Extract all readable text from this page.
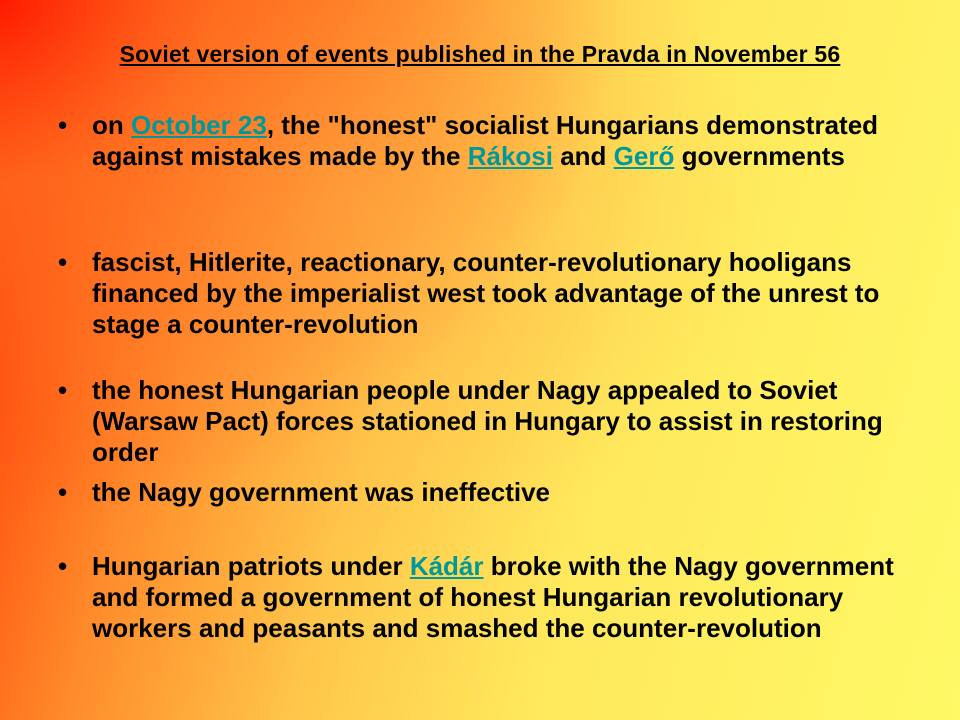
Soviet version of events published in the Pravda in November 56
• on October 23, the "honest" socialist Hungarians demonstrated against mistakes made by the Rákosi and Gerő governments
• fascist, Hitlerite, reactionary, counter-revolutionary hooligans financed by the imperialist west took advantage of the unrest to stage a counter-revolution
• the honest Hungarian people under Nagy appealed to Soviet (Warsaw Pact) forces stationed in Hungary to assist in restoring order
• the Nagy government was ineffective
• Hungarian patriots under Kádár broke with the Nagy government and formed a government of honest Hungarian revolutionary workers and peasants and smashed the counter-revolution
